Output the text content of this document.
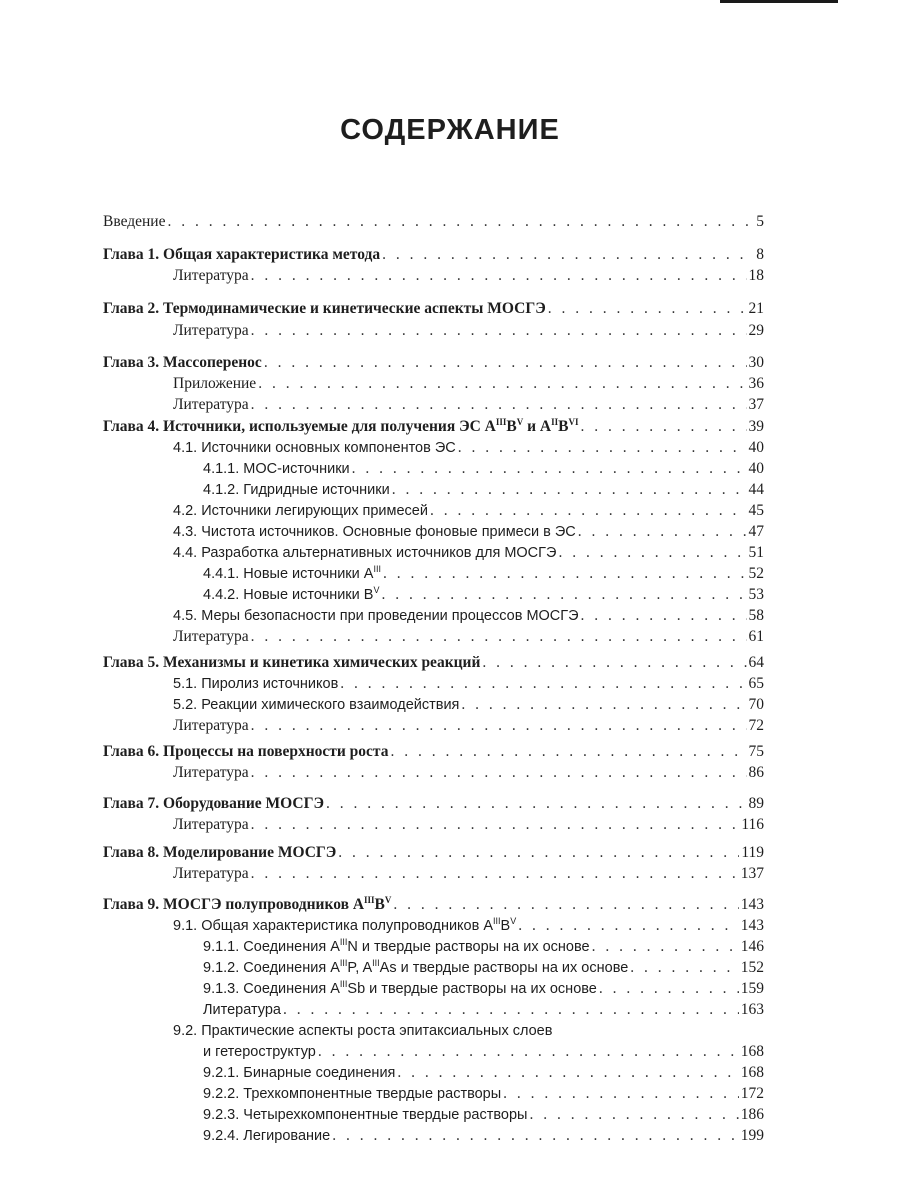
СОДЕРЖАНИЕ
Введение . . .	5
Глава 1. Общая характеристика метода . . .	8
Литература . . .	18
Глава 2. Термодинамические и кинетические аспекты МОСГЭ . . .	21
Литература . . .	29
Глава 3. Массоперенос . . .	30
Приложение . . .	36
Литература . . .	37
Глава 4. Источники, используемые для получения ЭС $A^{III}B^V$ и $A^{II}B^{VI}$ . . .	39
4.1. Источники основных компонентов ЭС . . .	40
4.1.1. МОС-источники . . .	40
4.1.2. Гидридные источники . . .	44
4.2. Источники легирующих примесей . . .	45
4.3. Чистота источников. Основные фоновые примеси в ЭС . . .	47
4.4. Разработка альтернативных источников для МОСГЭ . . .	51
4.4.1. Новые источники $A^{III}$ . . .	52
4.4.2. Новые источники $B^V$ . . .	53
4.5. Меры безопасности при проведении процессов МОСГЭ . . .	58
Литература . . .	61
Глава 5. Механизмы и кинетика химических реакций . . .	64
5.1. Пиролиз источников . . .	65
5.2. Реакции химического взаимодействия . . .	70
Литература . . .	72
Глава 6. Процессы на поверхности роста . . .	75
Литература . . .	86
Глава 7. Оборудование МОСГЭ . . .	89
Литература . . .	116
Глава 8. Моделирование МОСГЭ . . .	119
Литература . . .	137
Глава 9. МОСГЭ полупроводников $A^{III}B^V$ . . .	143
9.1. Общая характеристика полупроводников $A^{III}B^V$ . . .	143
9.1.1. Соединения $A^{III}N$ и твердые растворы на их основе . . .	146
9.1.2. Соединения $A^{III}P$, $A^{III}As$ и твердые растворы на их основе . . .	152
9.1.3. Соединения $A^{III}Sb$ и твердые растворы на их основе . . .	159
Литература . . .	163
9.2. Практические аспекты роста эпитаксиальных слоев
и гетероструктур . . .	168
9.2.1. Бинарные соединения . . .	168
9.2.2. Трехкомпонентные твердые растворы . . .	172
9.2.3. Четырехкомпонентные твердые растворы . . .	186
9.2.4. Легирование . . .	199
